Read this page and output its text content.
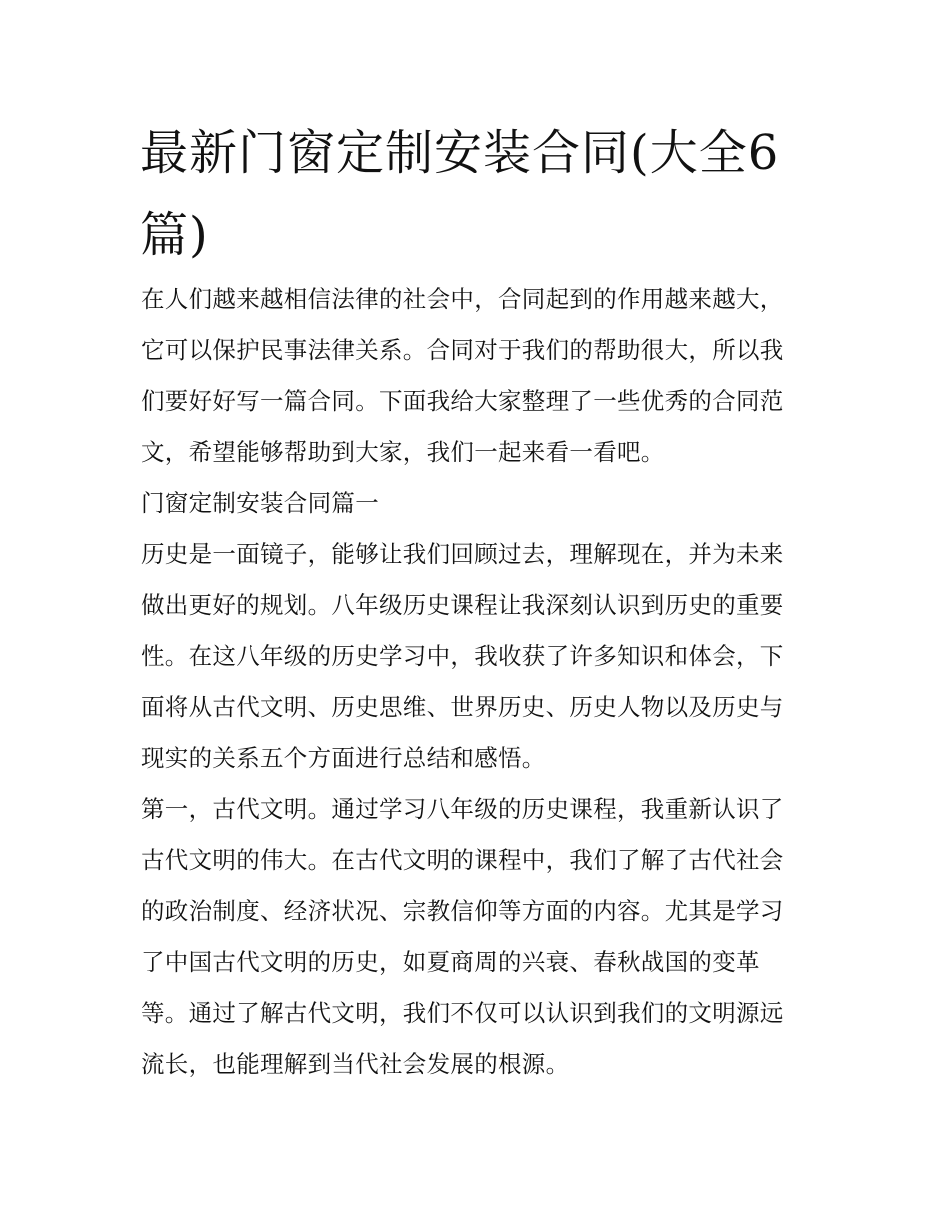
最新门窗定制安装合同(大全6篇)

在人们越来越相信法律的社会中，合同起到的作用越来越大，

它可以保护民事法律关系。合同对于我们的帮助很大，所以我

们要好好写一篇合同。下面我给大家整理了一些优秀的合同范

文，希望能够帮助到大家，我们一起来看一看吧。

门窗定制安装合同篇一

历史是一面镜子，能够让我们回顾过去，理解现在，并为未来

做出更好的规划。八年级历史课程让我深刻认识到历史的重要

性。在这八年级的历史学习中，我收获了许多知识和体会，下

面将从古代文明、历史思维、世界历史、历史人物以及历史与

现实的关系五个方面进行总结和感悟。

第一，古代文明。通过学习八年级的历史课程，我重新认识了

古代文明的伟大。在古代文明的课程中，我们了解了古代社会

的政治制度、经济状况、宗教信仰等方面的内容。尤其是学习

了中国古代文明的历史，如夏商周的兴衰、春秋战国的变革

等。通过了解古代文明，我们不仅可以认识到我们的文明源远

流长，也能理解到当代社会发展的根源。
